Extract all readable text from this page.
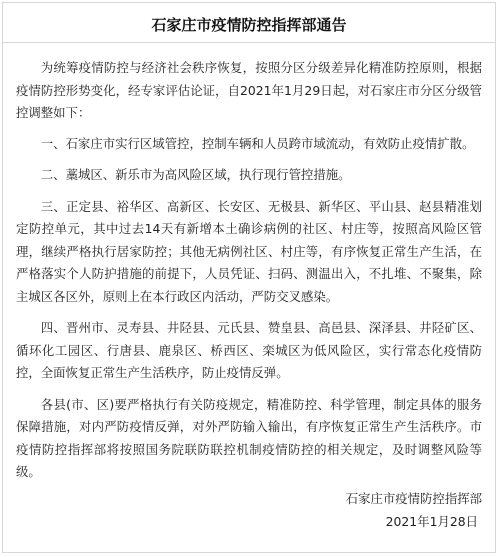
石家庄市疫情防控指挥部通告

为统筹疫情防控与经济社会秩序恢复，按照分区分级差异化精准防控原则，根据疫情防控形势变化，经专家评估论证，自2021年1月29日起，对石家庄市分区分级管控调整如下：

一、石家庄市实行区域管控，控制车辆和人员跨市域流动，有效防止疫情扩散。

二、藁城区、新乐市为高风险区域，执行现行管控措施。

三、正定县、裕华区、高新区、长安区、无极县、新华区、平山县、赵县精准划定防控单元，其中过去14天有新增本土确诊病例的社区、村庄等，按照高风险区管理，继续严格执行居家防控；其他无病例社区、村庄等，有序恢复正常生产生活，在严格落实个人防护措施的前提下，人员凭证、扫码、测温出入，不扎堆、不聚集，除主城区各区外，原则上在本行政区内活动，严防交叉感染。

四、晋州市、灵寿县、井陉县、元氏县、赞皇县、高邑县、深泽县、井陉矿区、循环化工园区、行唐县、鹿泉区、桥西区、栾城区为低风险区，实行常态化疫情防控，全面恢复正常生产生活秩序，防止疫情反弹。

各县(市、区)要严格执行有关防疫规定，精准防控、科学管理，制定具体的服务保障措施，对内严防疫情反弹，对外严防输入输出，有序恢复正常生产生活秩序。市疫情防控指挥部将按照国务院联防联控机制疫情防控的相关规定，及时调整风险等级。

石家庄市疫情防控指挥部
2021年1月28日
